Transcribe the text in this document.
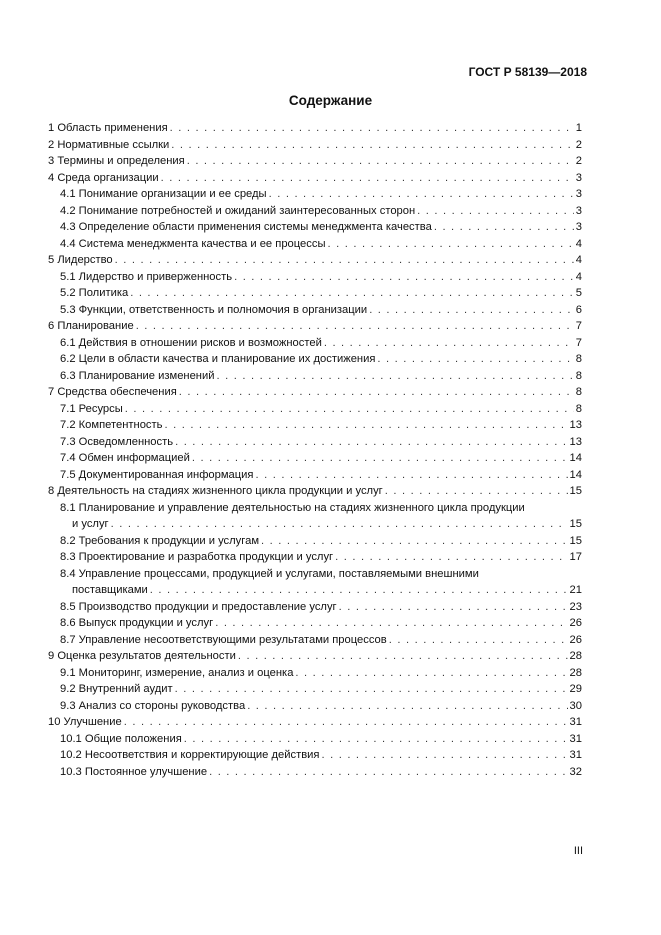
ГОСТ Р 58139—2018
Содержание
1 Область применения . . .	1
2 Нормативные ссылки . . .	2
3 Термины и определения . . .	2
4 Среда организации . . .	3
4.1 Понимание организации и ее среды . . .	3
4.2 Понимание потребностей и ожиданий заинтересованных сторон . . .	3
4.3 Определение области применения системы менеджмента качества . . .	3
4.4 Система менеджмента качества и ее процессы . . .	4
5 Лидерство . . .	4
5.1 Лидерство и приверженность . . .	4
5.2 Политика . . .	5
5.3 Функции, ответственность и полномочия в организации . . .	6
6 Планирование . . .	7
6.1 Действия в отношении рисков и возможностей . . .	7
6.2 Цели в области качества и планирование их достижения . . .	8
6.3 Планирование изменений . . .	8
7 Средства обеспечения . . .	8
7.1 Ресурсы . . .	8
7.2 Компетентность . . .	13
7.3 Осведомленность . . .	13
7.4 Обмен информацией . . .	14
7.5 Документированная информация . . .	14
8 Деятельность на стадиях жизненного цикла продукции и услуг . . .	15
8.1 Планирование и управление деятельностью на стадиях жизненного цикла продукции
и услуг . . .	15
8.2 Требования к продукции и услугам . . .	15
8.3 Проектирование и разработка продукции и услуг . . .	17
8.4 Управление процессами, продукцией и услугами, поставляемыми внешними
поставщиками . . .	21
8.5 Производство продукции и предоставление услуг . . .	23
8.6 Выпуск продукции и услуг . . .	26
8.7 Управление несоответствующими результатами процессов . . .	26
9 Оценка результатов деятельности . . .	28
9.1 Мониторинг, измерение, анализ и оценка . . .	28
9.2 Внутренний аудит . . .	29
9.3 Анализ со стороны руководства . . .	30
10 Улучшение . . .	31
10.1 Общие положения . . .	31
10.2 Несоответствия и корректирующие действия . . .	31
10.3 Постоянное улучшение . . .	32
III
